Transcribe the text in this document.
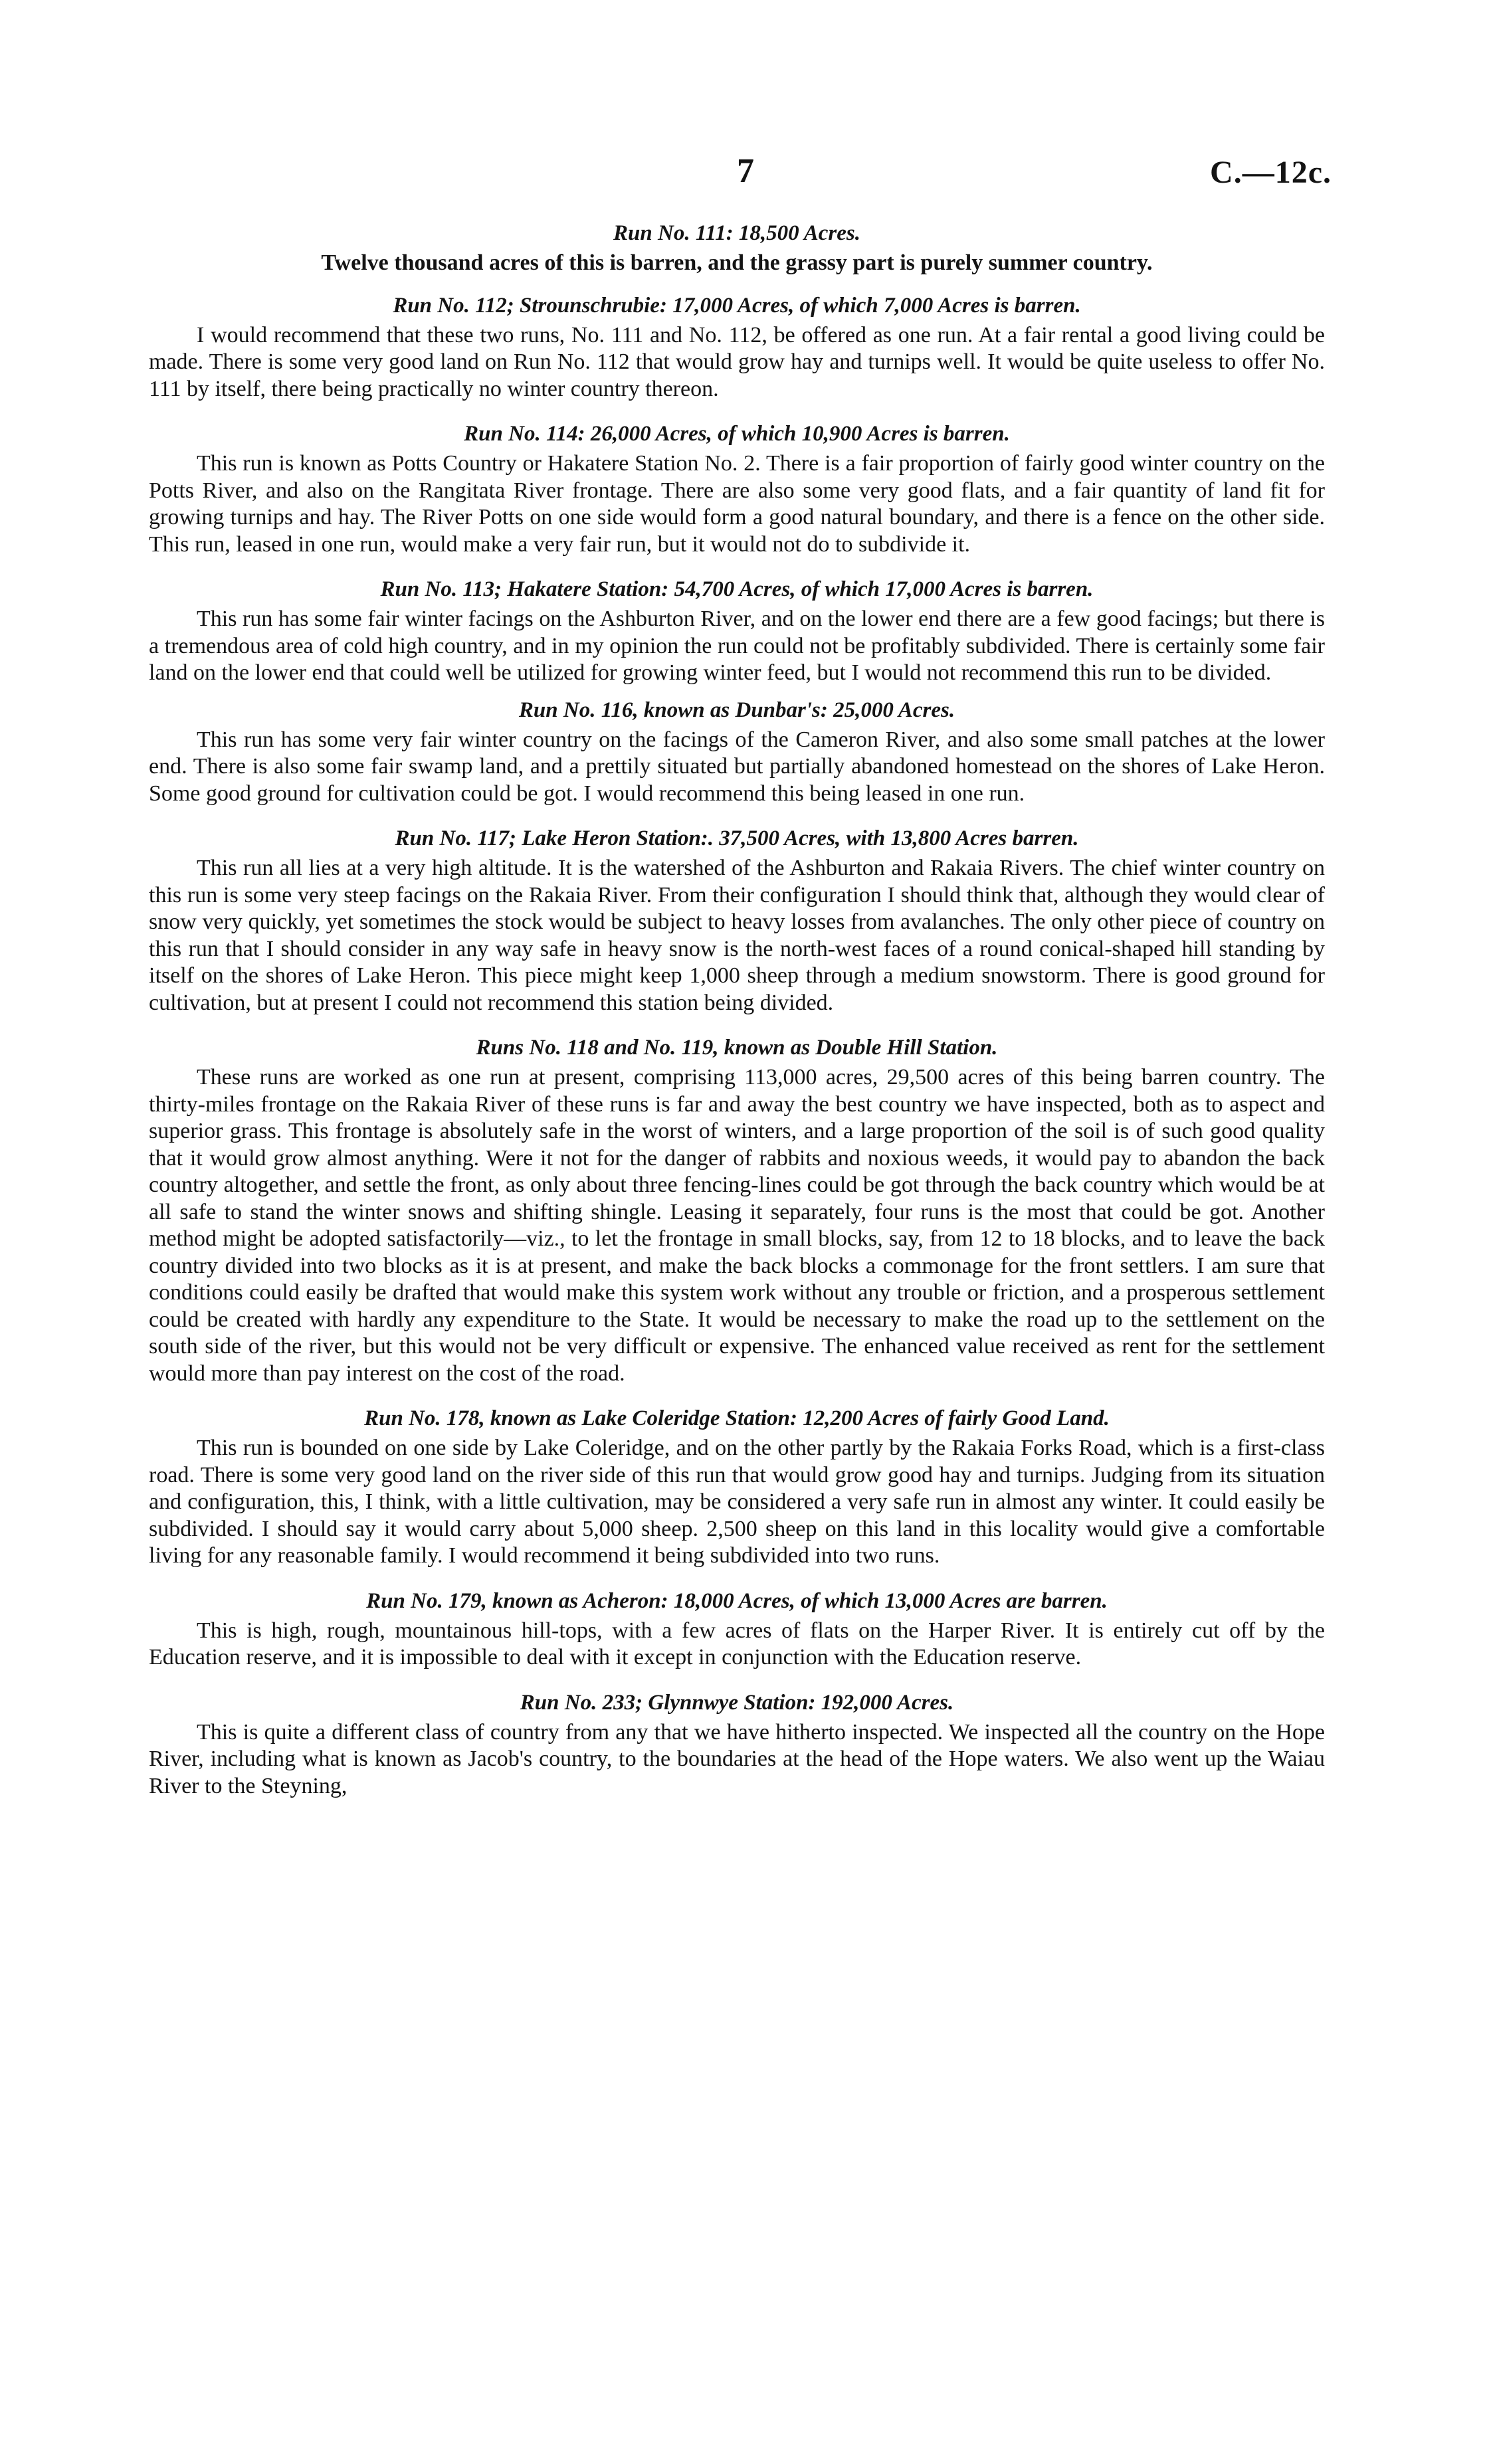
7	C.—12c.
Run No. 111: 18,500 Acres.

Twelve thousand acres of this is barren, and the grassy part is purely summer country.

Run No. 112; Strounschrubie: 17,000 Acres, of which 7,000 Acres is barren.

I would recommend that these two runs, No. 111 and No. 112, be offered as one run. At a fair rental a good living could be made. There is some very good land on Run No. 112 that would grow hay and turnips well. It would be quite useless to offer No. 111 by itself, there being practically no winter country thereon.

Run No. 114: 26,000 Acres, of which 10,900 Acres is barren.

This run is known as Potts Country or Hakatere Station No. 2. There is a fair proportion of fairly good winter country on the Potts River, and also on the Rangitata River frontage. There are also some very good flats, and a fair quantity of land fit for growing turnips and hay. The River Potts on one side would form a good natural boundary, and there is a fence on the other side. This run, leased in one run, would make a very fair run, but it would not do to subdivide it.

Run No. 113; Hakatere Station: 54,700 Acres, of which 17,000 Acres is barren.

This run has some fair winter facings on the Ashburton River, and on the lower end there are a few good facings; but there is a tremendous area of cold high country, and in my opinion the run could not be profitably subdivided. There is certainly some fair land on the lower end that could well be utilized for growing winter feed, but I would not recommend this run to be divided.

Run No. 116, known as Dunbar's: 25,000 Acres.

This run has some very fair winter country on the facings of the Cameron River, and also some small patches at the lower end. There is also some fair swamp land, and a prettily situated but partially abandoned homestead on the shores of Lake Heron. Some good ground for cultivation could be got. I would recommend this being leased in one run.

Run No. 117; Lake Heron Station:. 37,500 Acres, with 13,800 Acres barren.

This run all lies at a very high altitude. It is the watershed of the Ashburton and Rakaia Rivers. The chief winter country on this run is some very steep facings on the Rakaia River. From their configuration I should think that, although they would clear of snow very quickly, yet sometimes the stock would be subject to heavy losses from avalanches. The only other piece of country on this run that I should consider in any way safe in heavy snow is the north-west faces of a round conical-shaped hill standing by itself on the shores of Lake Heron. This piece might keep 1,000 sheep through a medium snowstorm. There is good ground for cultivation, but at present I could not recommend this station being divided.

Runs No. 118 and No. 119, known as Double Hill Station.

These runs are worked as one run at present, comprising 113,000 acres, 29,500 acres of this being barren country. The thirty-miles frontage on the Rakaia River of these runs is far and away the best country we have inspected, both as to aspect and superior grass. This frontage is absolutely safe in the worst of winters, and a large proportion of the soil is of such good quality that it would grow almost anything. Were it not for the danger of rabbits and noxious weeds, it would pay to abandon the back country altogether, and settle the front, as only about three fencing-lines could be got through the back country which would be at all safe to stand the winter snows and shifting shingle. Leasing it separately, four runs is the most that could be got. Another method might be adopted satisfactorily—viz., to let the frontage in small blocks, say, from 12 to 18 blocks, and to leave the back country divided into two blocks as it is at present, and make the back blocks a commonage for the front settlers. I am sure that conditions could easily be drafted that would make this system work without any trouble or friction, and a prosperous settlement could be created with hardly any expenditure to the State. It would be necessary to make the road up to the settlement on the south side of the river, but this would not be very difficult or expensive. The enhanced value received as rent for the settlement would more than pay interest on the cost of the road.

Run No. 178, known as Lake Coleridge Station: 12,200 Acres of fairly Good Land.

This run is bounded on one side by Lake Coleridge, and on the other partly by the Rakaia Forks Road, which is a first-class road. There is some very good land on the river side of this run that would grow good hay and turnips. Judging from its situation and configuration, this, I think, with a little cultivation, may be considered a very safe run in almost any winter. It could easily be subdivided. I should say it would carry about 5,000 sheep. 2,500 sheep on this land in this locality would give a comfortable living for any reasonable family. I would recommend it being subdivided into two runs.

Run No. 179, known as Acheron: 18,000 Acres, of which 13,000 Acres are barren.

This is high, rough, mountainous hill-tops, with a few acres of flats on the Harper River. It is entirely cut off by the Education reserve, and it is impossible to deal with it except in conjunction with the Education reserve.

Run No. 233; Glynnwye Station: 192,000 Acres.

This is quite a different class of country from any that we have hitherto inspected. We inspected all the country on the Hope River, including what is known as Jacob's country, to the boundaries at the head of the Hope waters. We also went up the Waiau River to the Steyning,
